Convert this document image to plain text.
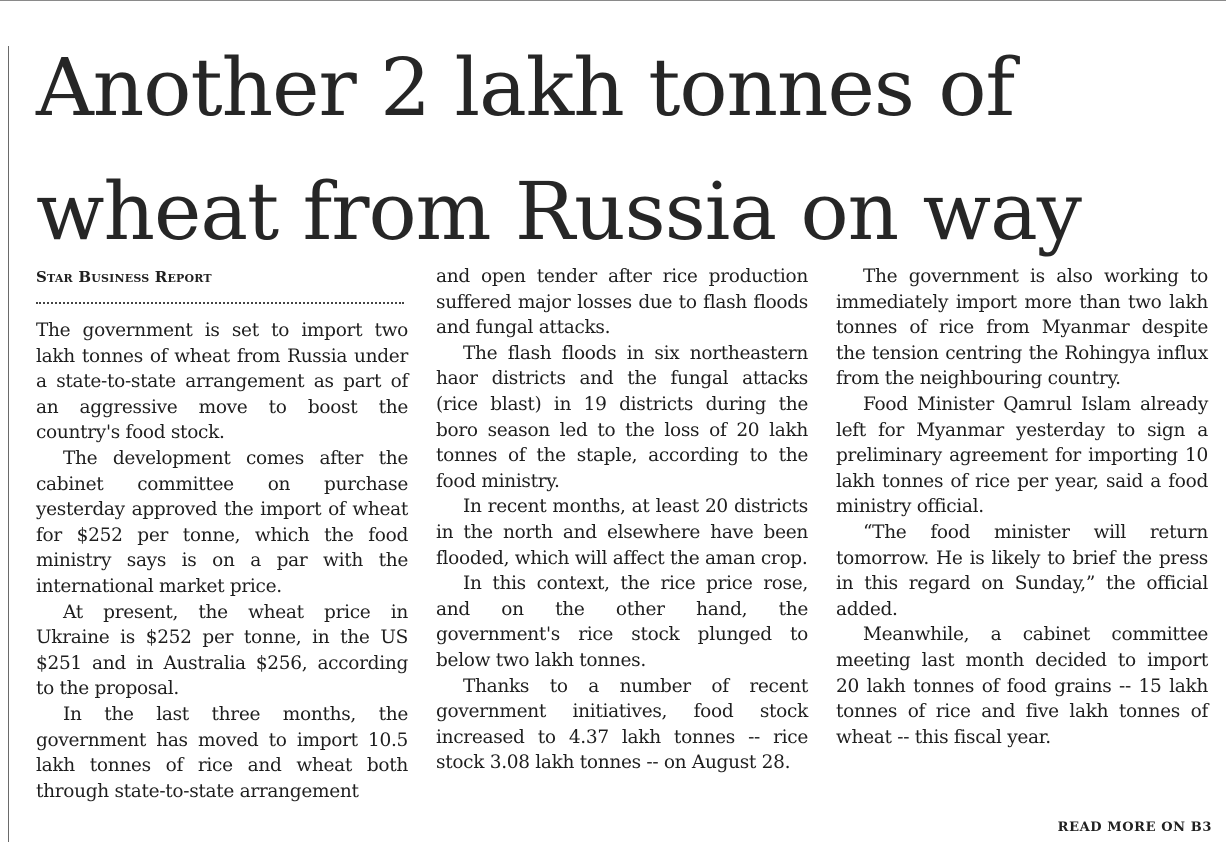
Another 2 lakh tonnes of
wheat from Russia on way
Star Business Report

The government is set to import two lakh tonnes of wheat from Russia under a state-to-state arrangement as part of an aggressive move to boost the country's food stock.

The development comes after the cabinet committee on purchase yesterday approved the import of wheat for $252 per tonne, which the food ministry says is on a par with the international market price.

At present, the wheat price in Ukraine is $252 per tonne, in the US $251 and in Australia $256, according to the proposal.

In the last three months, the government has moved to import 10.5 lakh tonnes of rice and wheat both through state-to-state arrangement

and open tender after rice production suffered major losses due to flash floods and fungal attacks.

The flash floods in six northeastern haor districts and the fungal attacks (rice blast) in 19 districts during the boro season led to the loss of 20 lakh tonnes of the staple, according to the food ministry.

In recent months, at least 20 districts in the north and elsewhere have been flooded, which will affect the aman crop.

In this context, the rice price rose, and on the other hand, the government's rice stock plunged to below two lakh tonnes.

Thanks to a number of recent government initiatives, food stock increased to 4.37 lakh tonnes -- rice stock 3.08 lakh tonnes -- on August 28.

The government is also working to immediately import more than two lakh tonnes of rice from Myanmar despite the tension centring the Rohingya influx from the neighbouring country.

Food Minister Qamrul Islam already left for Myanmar yesterday to sign a preliminary agreement for importing 10 lakh tonnes of rice per year, said a food ministry official.

“The food minister will return tomorrow. He is likely to brief the press in this regard on Sunday,” the official added.

Meanwhile, a cabinet committee meeting last month decided to import 20 lakh tonnes of food grains -- 15 lakh tonnes of rice and five lakh tonnes of wheat -- this fiscal year.

READ MORE ON B3
